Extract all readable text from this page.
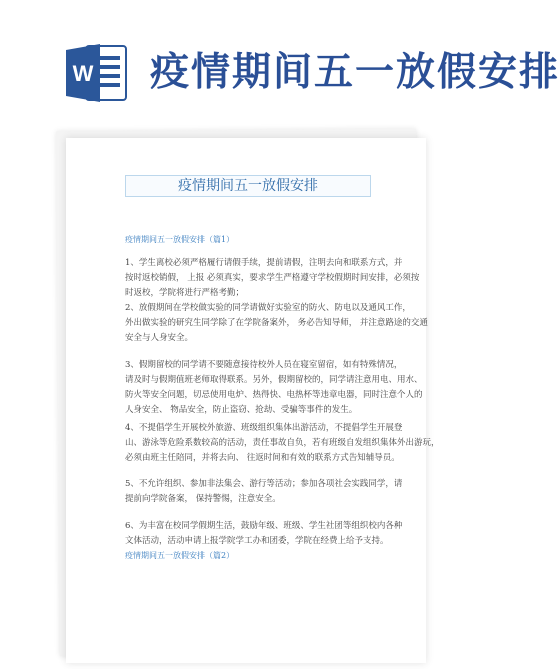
W 疫情期间五一放假安排
疫情期间五一放假安排
疫情期间五一放假安排（篇1）
1、学生离校必须严格履行请假手续，提前请假，注明去向和联系方式，并
按时返校销假， 上报 必须真实，要求学生严格遵守学校假期时间安排，必须按
时返校，学院将进行严格考勤；
2、放假期间在学校做实验的同学请做好实验室的防火、防电以及通风工作，
外出做实验的研究生同学除了在学院备案外， 务必告知导师， 并注意路途的交通
安全与人身安全。
3、假期留校的同学请不要随意接待校外人员在寝室留宿，如有特殊情况，
请及时与假期值班老师取得联系。另外，假期留校的，同学请注意用电、用水、
防火等安全问题，切忌使用电炉、热得快、电热杯等违章电器，同时注意个人的
人身安全、 物品安全，防止盗窃、抢劫、受骗等事件的发生。
4、不提倡学生开展校外旅游、班级组织集体出游活动，不提倡学生开展登
山、游泳等危险系数较高的活动，责任事故自负，若有班级自发组织集体外出游玩，
必须由班主任陪同，并将去向、 往返时间和有效的联系方式告知辅导员。
5、不允许组织、参加非法集会、游行等活动；参加各项社会实践同学，请
提前向学院备案， 保持警惕，注意安全。
6、为丰富在校同学假期生活，鼓励年级、班级、学生社团等组织校内各种
文体活动，活动申请上报学院学工办和团委，学院在经费上给予支持。
疫情期间五一放假安排（篇2）
